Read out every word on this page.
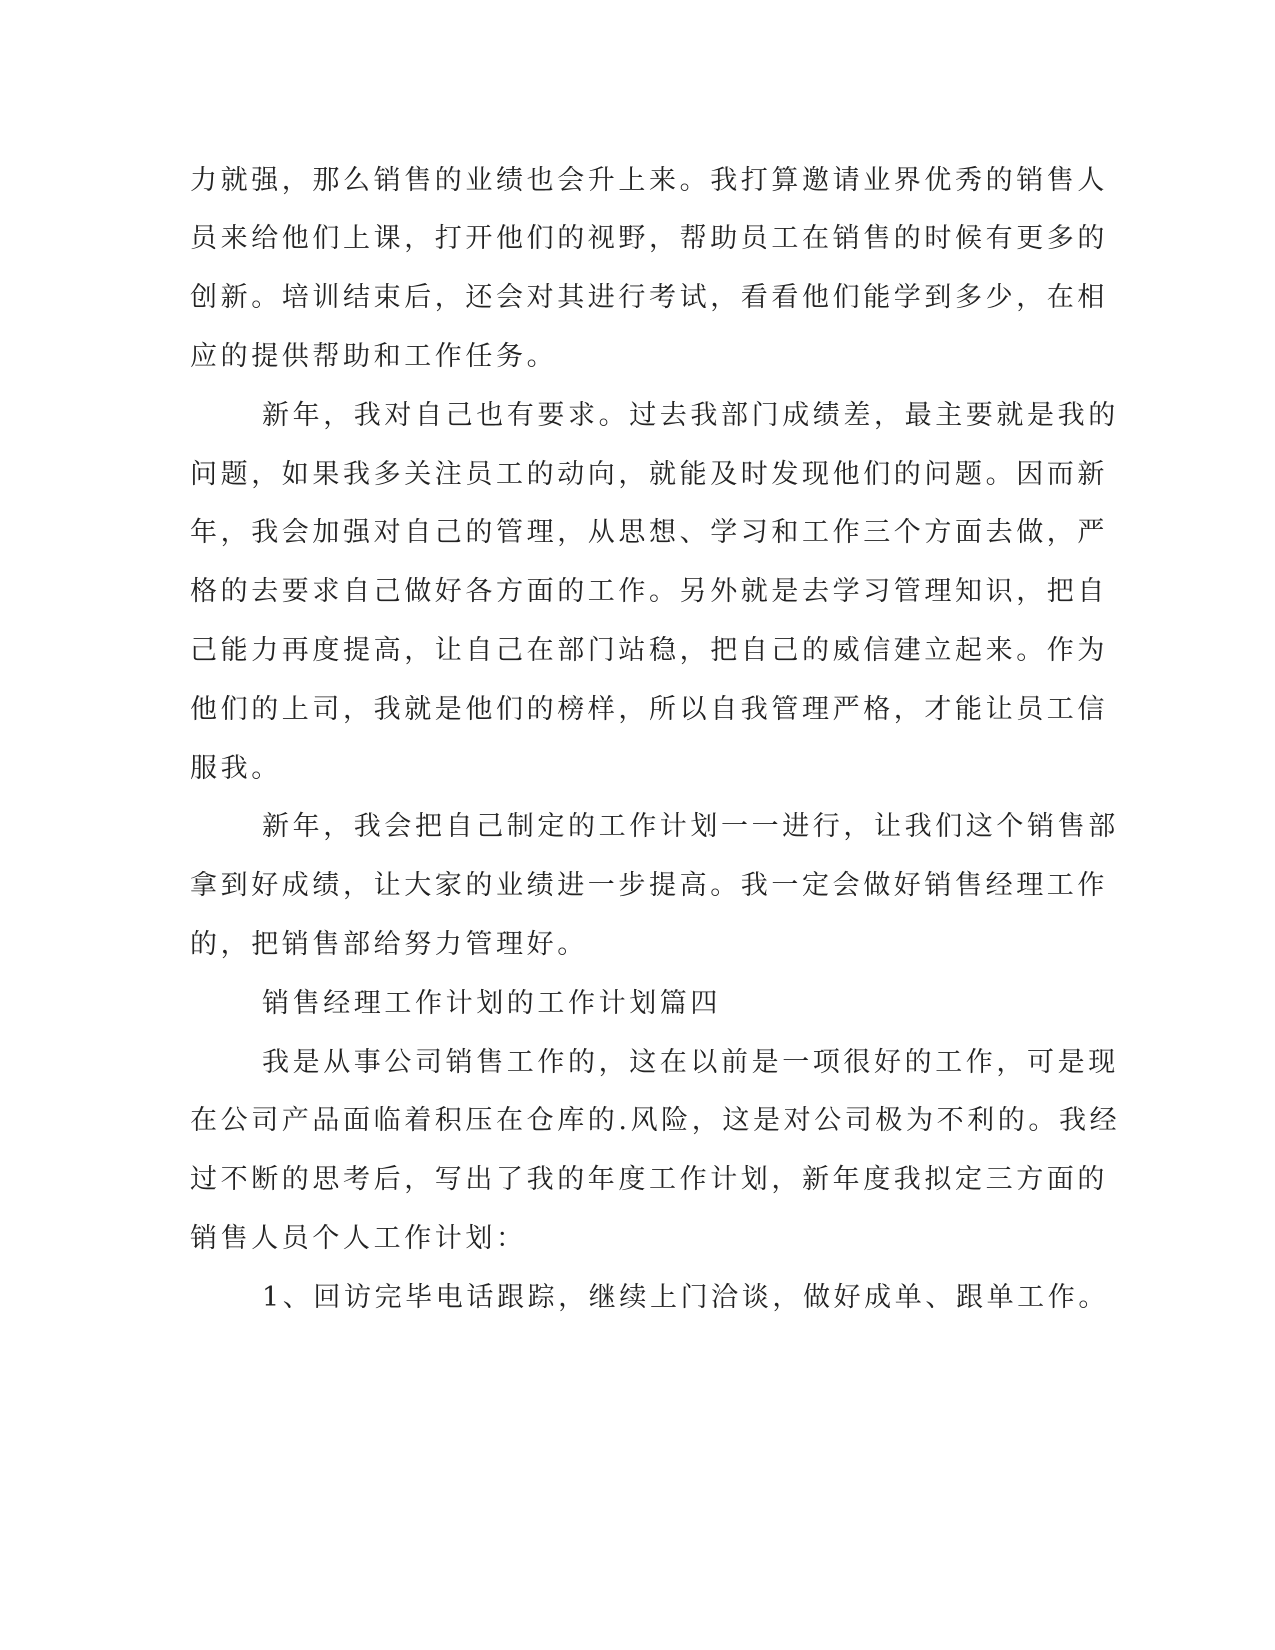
力就强，那么销售的业绩也会升上来。我打算邀请业界优秀的销售人
员来给他们上课，打开他们的视野，帮助员工在销售的时候有更多的
创新。培训结束后，还会对其进行考试，看看他们能学到多少，在相
应的提供帮助和工作任务。
新年，我对自己也有要求。过去我部门成绩差，最主要就是我的
问题，如果我多关注员工的动向，就能及时发现他们的问题。因而新
年，我会加强对自己的管理，从思想、学习和工作三个方面去做，严
格的去要求自己做好各方面的工作。另外就是去学习管理知识，把自
己能力再度提高，让自己在部门站稳，把自己的威信建立起来。作为
他们的上司，我就是他们的榜样，所以自我管理严格，才能让员工信
服我。
新年，我会把自己制定的工作计划一一进行，让我们这个销售部
拿到好成绩，让大家的业绩进一步提高。我一定会做好销售经理工作
的，把销售部给努力管理好。
销售经理工作计划的工作计划篇四
我是从事公司销售工作的，这在以前是一项很好的工作，可是现
在公司产品面临着积压在仓库的.风险，这是对公司极为不利的。我经
过不断的思考后，写出了我的年度工作计划，新年度我拟定三方面的
销售人员个人工作计划：
1、回访完毕电话跟踪，继续上门洽谈，做好成单、跟单工作。
